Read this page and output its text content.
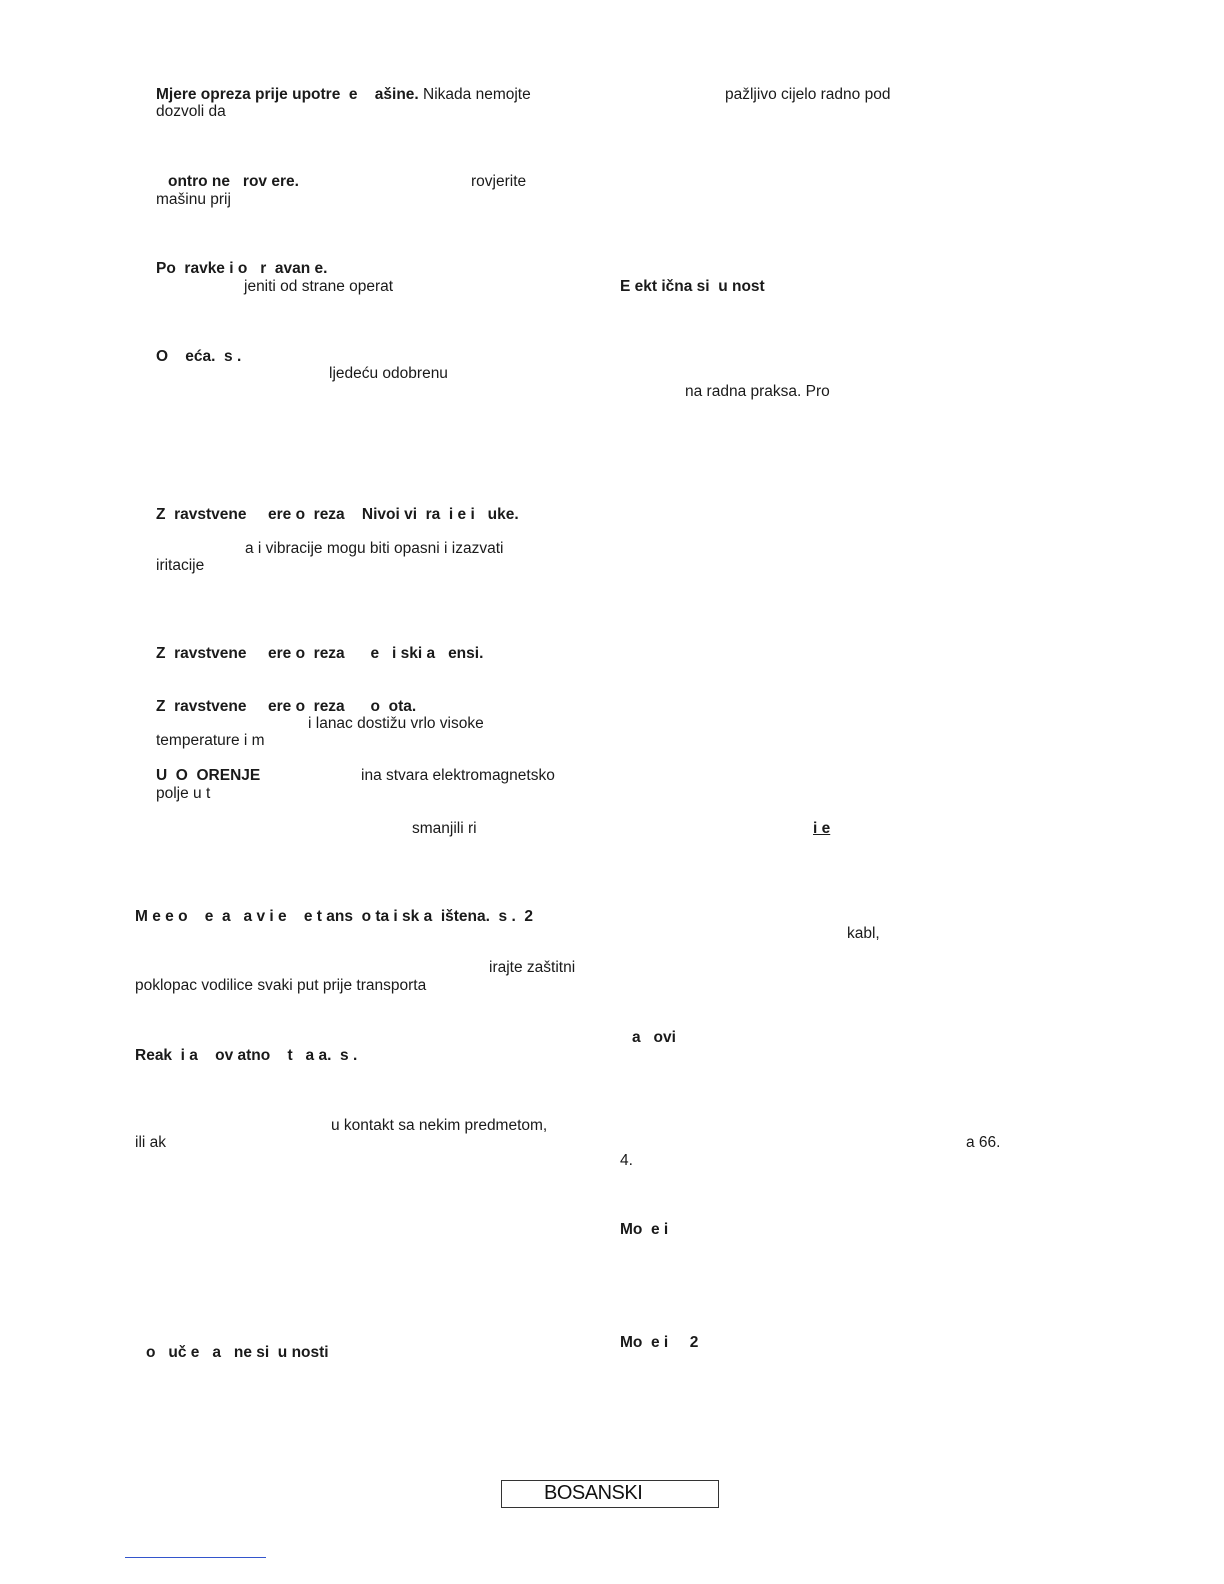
Mjere opreza prije upotre  e    ašine. Nikada nemojte
dozvoli da
ontro ne   rov ere.	rovjerite
mašinu prij
Po  ravke i o   r  avan e.
jeniti od strane operat
O    eća.  s .
ljedeću odobrenu
Z  ravstvene     ere o  reza    Nivoi vi  ra  i e i   uke.
a i vibracije mogu biti opasni i izazvati
iritacije
Z  ravstvene     ere o  reza      e   i ski a   ensi.
Z  ravstvene     ere o  reza      o  ota.
i lanac dostižu vrlo visoke
temperature i m
U  O  ORENJE	ina stvara elektromagnetsko
polje u t
smanjili ri
M e e o    e  a   a v i e    e t ans  o ta i sk a  ištena.  s .  2
irajte zaštitni
poklopac vodilice svaki put prije transporta
Reak  i a    ov atno    t   a a.  s .
u kontakt sa nekim predmetom,
ili ak
o   uč e   a   ne si  u nosti
pažljivo cijelo radno pod
E ekt ična si  u nost
na radna praksa. Pro
i e
kabl,
a   ovi
a 66.
4.
Mo  e i
Mo  e i     2
BOSANSKI
